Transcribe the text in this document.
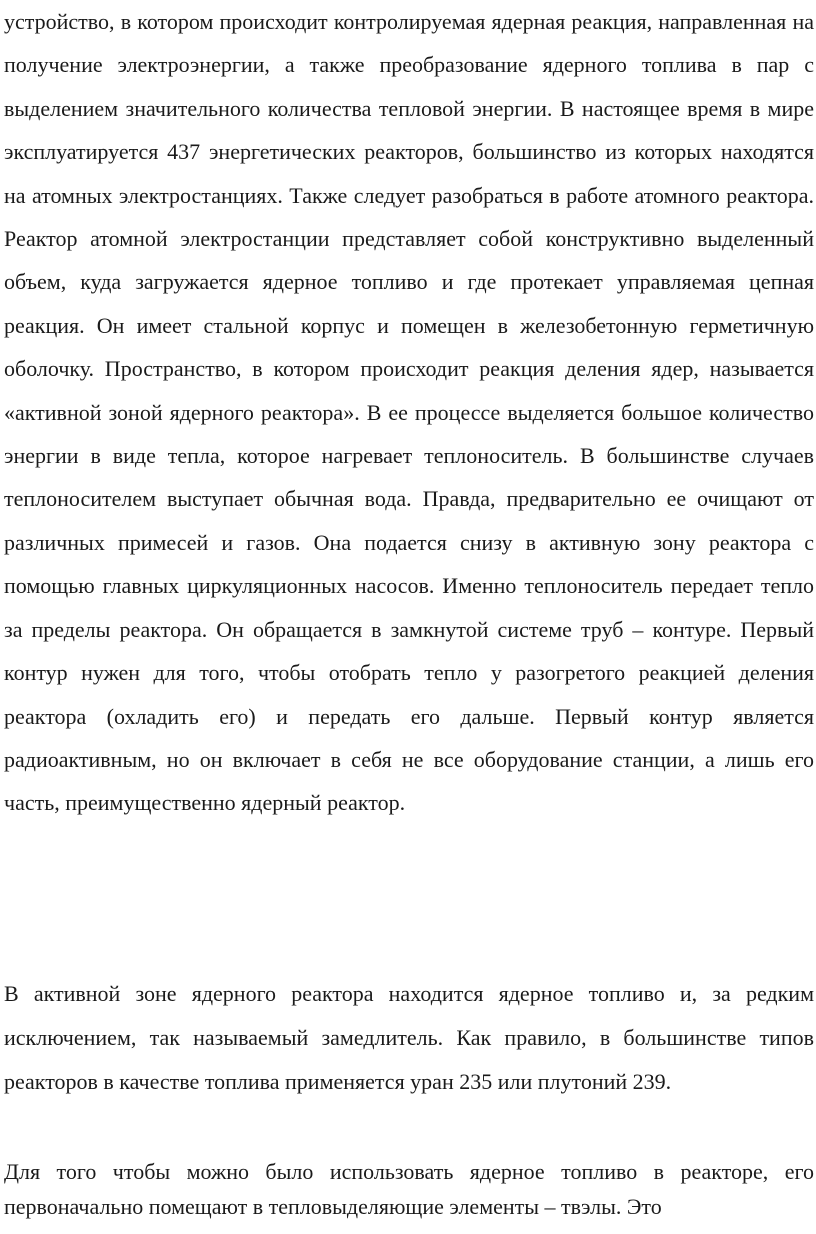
устройство, в котором происходит контролируемая ядерная реакция, направленная на получение электроэнергии, а также преобразование ядерного топлива в пар с выделением значительного количества тепловой энергии. В настоящее время в мире эксплуатируется 437 энергетических реакторов, большинство из которых находятся на атомных электростанциях. Также следует разобраться в работе атомного реактора. Реактор атомной электростанции представляет собой конструктивно выделенный объем, куда загружается ядерное топливо и где протекает управляемая цепная реакция. Он имеет стальной корпус и помещен в железобетонную герметичную оболочку. Пространство, в котором происходит реакция деления ядер, называется «активной зоной ядерного реактора». В ее процессе выделяется большое количество энергии в виде тепла, которое нагревает теплоноситель. В большинстве случаев теплоносителем выступает обычная вода. Правда, предварительно ее очищают от различных примесей и газов. Она подается снизу в активную зону реактора с помощью главных циркуляционных насосов. Именно теплоноситель передает тепло за пределы реактора. Он обращается в замкнутой системе труб – контуре. Первый контур нужен для того, чтобы отобрать тепло у разогретого реакцией деления реактора (охладить его) и передать его дальше. Первый контур является радиоактивным, но он включает в себя не все оборудование станции, а лишь его часть, преимущественно ядерный реактор.

В активной зоне ядерного реактора находится ядерное топливо и, за редким исключением, так называемый замедлитель. Как правило, в большинстве типов реакторов в качестве топлива применяется уран 235 или плутоний 239.

Для того чтобы можно было использовать ядерное топливо в реакторе, его первоначально помещают в тепловыделяющие элементы – твэлы. Это
